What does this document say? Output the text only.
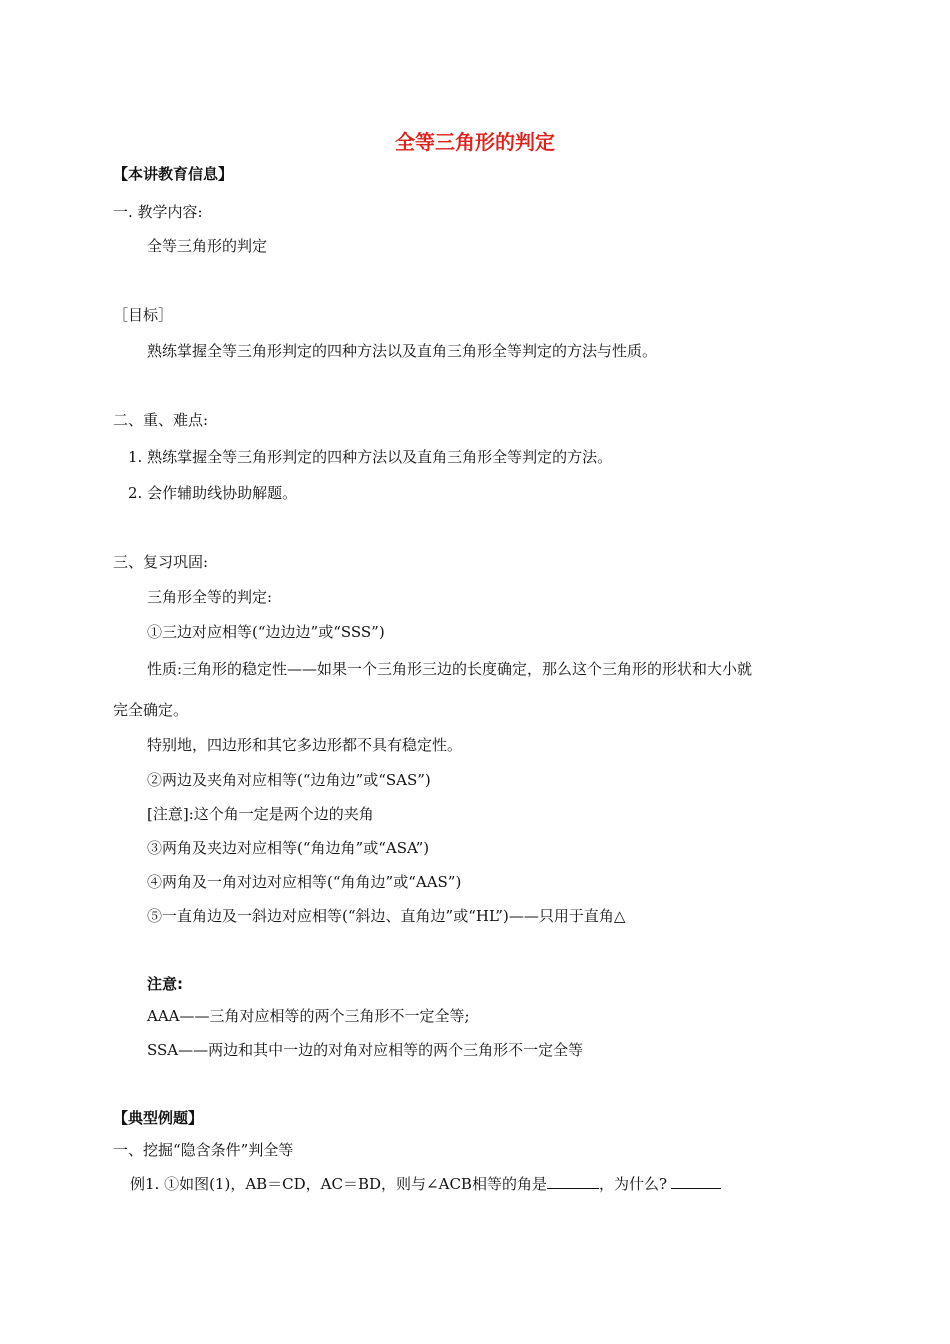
全等三角形的判定
【本讲教育信息】
一. 教学内容:
全等三角形的判定
［目标］
熟练掌握全等三角形判定的四种方法以及直角三角形全等判定的方法与性质。
二、重、难点:
1. 熟练掌握全等三角形判定的四种方法以及直角三角形全等判定的方法。
2. 会作辅助线协助解题。
三、复习巩固:
三角形全等的判定:
①三边对应相等(“边边边”或“SSS”)
性质:三角形的稳定性——如果一个三角形三边的长度确定，那么这个三角形的形状和大小就
完全确定。
特别地，四边形和其它多边形都不具有稳定性。
②两边及夹角对应相等(“边角边”或“SAS”)
[注意]:这个角一定是两个边的夹角
③两角及夹边对应相等(“角边角”或“ASA”)
④两角及一角对边对应相等(“角角边”或“AAS”)
⑤一直角边及一斜边对应相等(“斜边、直角边”或“HL”)——只用于直角△
注意:
AAA——三角对应相等的两个三角形不一定全等;
SSA——两边和其中一边的对角对应相等的两个三角形不一定全等
【典型例题】
一、挖掘“隐含条件”判全等
例1. ①如图(1)，AB＝CD，AC＝BD，则与∠ACB相等的角是	，为什么?
